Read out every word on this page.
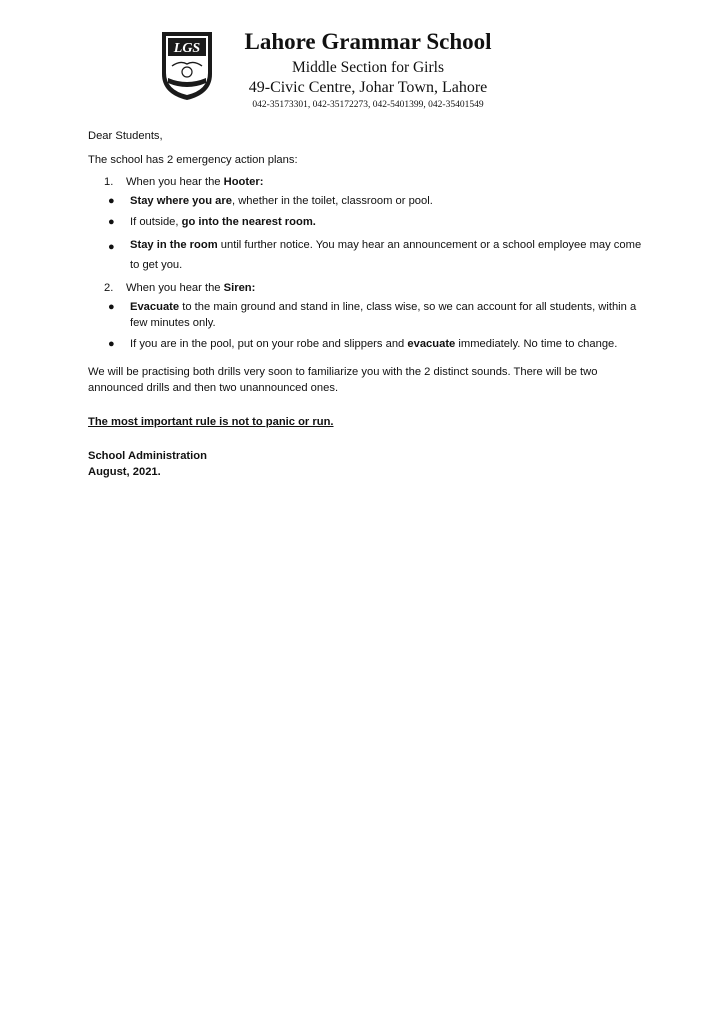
LGS	Lahore Grammar School
Middle Section for Girls
49-Civic Centre, Johar Town, Lahore
042-35173301, 042-35172273, 042-5401399, 042-35401549

Dear Students,

The school has 2 emergency action plans:

1. When you hear the Hooter:
● Stay where you are, whether in the toilet, classroom or pool.
● If outside, go into the nearest room.
● Stay in the room until further notice. You may hear an announcement or a school employee may come to get you.
2. When you hear the Siren:
● Evacuate to the main ground and stand in line, class wise, so we can account for all students, within a few minutes only.
● If you are in the pool, put on your robe and slippers and evacuate immediately. No time to change.

We will be practising both drills very soon to familiarize you with the 2 distinct sounds. There will be two announced drills and then two unannounced ones.

The most important rule is not to panic or run.

School Administration

August, 2021.
